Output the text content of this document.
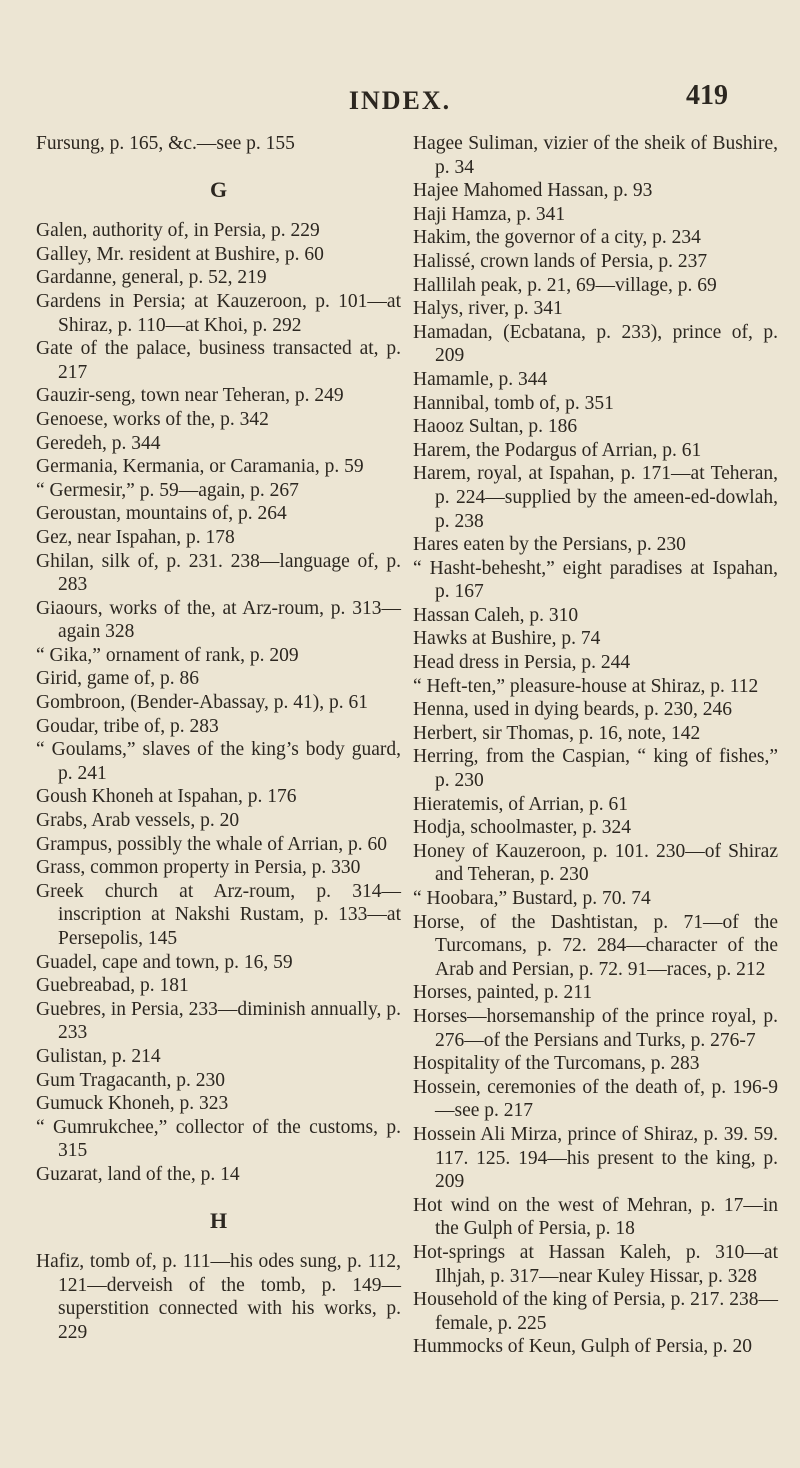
INDEX.	419

Fursung, p. 165, &c.—see p. 155

G

Galen, authority of, in Persia, p. 229

Galley, Mr. resident at Bushire, p. 60

Gardanne, general, p. 52, 219

Gardens in Persia; at Kauzeroon, p. 101—at Shiraz, p. 110—at Khoi, p. 292

Gate of the palace, business transacted at, p. 217

Gauzir-seng, town near Teheran, p. 249

Genoese, works of the, p. 342

Geredeh, p. 344

Germania, Kermania, or Caramania, p. 59

“ Germesir,” p. 59—again, p. 267

Geroustan, mountains of, p. 264

Gez, near Ispahan, p. 178

Ghilan, silk of, p. 231. 238—language of, p. 283

Giaours, works of the, at Arz-roum, p. 313—again 328

“ Gika,” ornament of rank, p. 209

Girid, game of, p. 86

Gombroon, (Bender-Abassay, p. 41), p. 61

Goudar, tribe of, p. 283

“ Goulams,” slaves of the king’s body guard, p. 241

Goush Khoneh at Ispahan, p. 176

Grabs, Arab vessels, p. 20

Grampus, possibly the whale of Arrian, p. 60

Grass, common property in Persia, p. 330

Greek church at Arz-roum, p. 314—inscription at Nakshi Rustam, p. 133—at Persepolis, 145

Guadel, cape and town, p. 16, 59

Guebreabad, p. 181

Guebres, in Persia, 233—diminish annually, p. 233

Gulistan, p. 214

Gum Tragacanth, p. 230

Gumuck Khoneh, p. 323

“ Gumrukchee,” collector of the customs, p. 315

Guzarat, land of the, p. 14

H

Hafiz, tomb of, p. 111—his odes sung, p. 112, 121—derveish of the tomb, p. 149—superstition connected with his works, p. 229

Hagee Suliman, vizier of the sheik of Bushire, p. 34

Hajee Mahomed Hassan, p. 93

Haji Hamza, p. 341

Hakim, the governor of a city, p. 234

Halissé, crown lands of Persia, p. 237

Hallilah peak, p. 21, 69—village, p. 69

Halys, river, p. 341

Hamadan, (Ecbatana, p. 233), prince of, p. 209

Hamamle, p. 344

Hannibal, tomb of, p. 351

Haooz Sultan, p. 186

Harem, the Podargus of Arrian, p. 61

Harem, royal, at Ispahan, p. 171—at Teheran, p. 224—supplied by the ameen-ed-dowlah, p. 238

Hares eaten by the Persians, p. 230

“ Hasht-behesht,” eight paradises at Ispahan, p. 167

Hassan Caleh, p. 310

Hawks at Bushire, p. 74

Head dress in Persia, p. 244

“ Heft-ten,” pleasure-house at Shiraz, p. 112

Henna, used in dying beards, p. 230, 246

Herbert, sir Thomas, p. 16, note, 142

Herring, from the Caspian, “ king of fishes,” p. 230

Hieratemis, of Arrian, p. 61

Hodja, schoolmaster, p. 324

Honey of Kauzeroon, p. 101. 230—of Shiraz and Teheran, p. 230

“ Hoobara,” Bustard, p. 70. 74

Horse, of the Dashtistan, p. 71—of the Turcomans, p. 72. 284—character of the Arab and Persian, p. 72. 91—races, p. 212

Horses, painted, p. 211

Horses—horsemanship of the prince royal, p. 276—of the Persians and Turks, p. 276-7

Hospitality of the Turcomans, p. 283

Hossein, ceremonies of the death of, p. 196-9—see p. 217

Hossein Ali Mirza, prince of Shiraz, p. 39. 59. 117. 125. 194—his present to the king, p. 209

Hot wind on the west of Mehran, p. 17—in the Gulph of Persia, p. 18

Hot-springs at Hassan Kaleh, p. 310—at Ilhjah, p. 317—near Kuley Hissar, p. 328

Household of the king of Persia, p. 217. 238—female, p. 225

Hummocks of Keun, Gulph of Persia, p. 20
